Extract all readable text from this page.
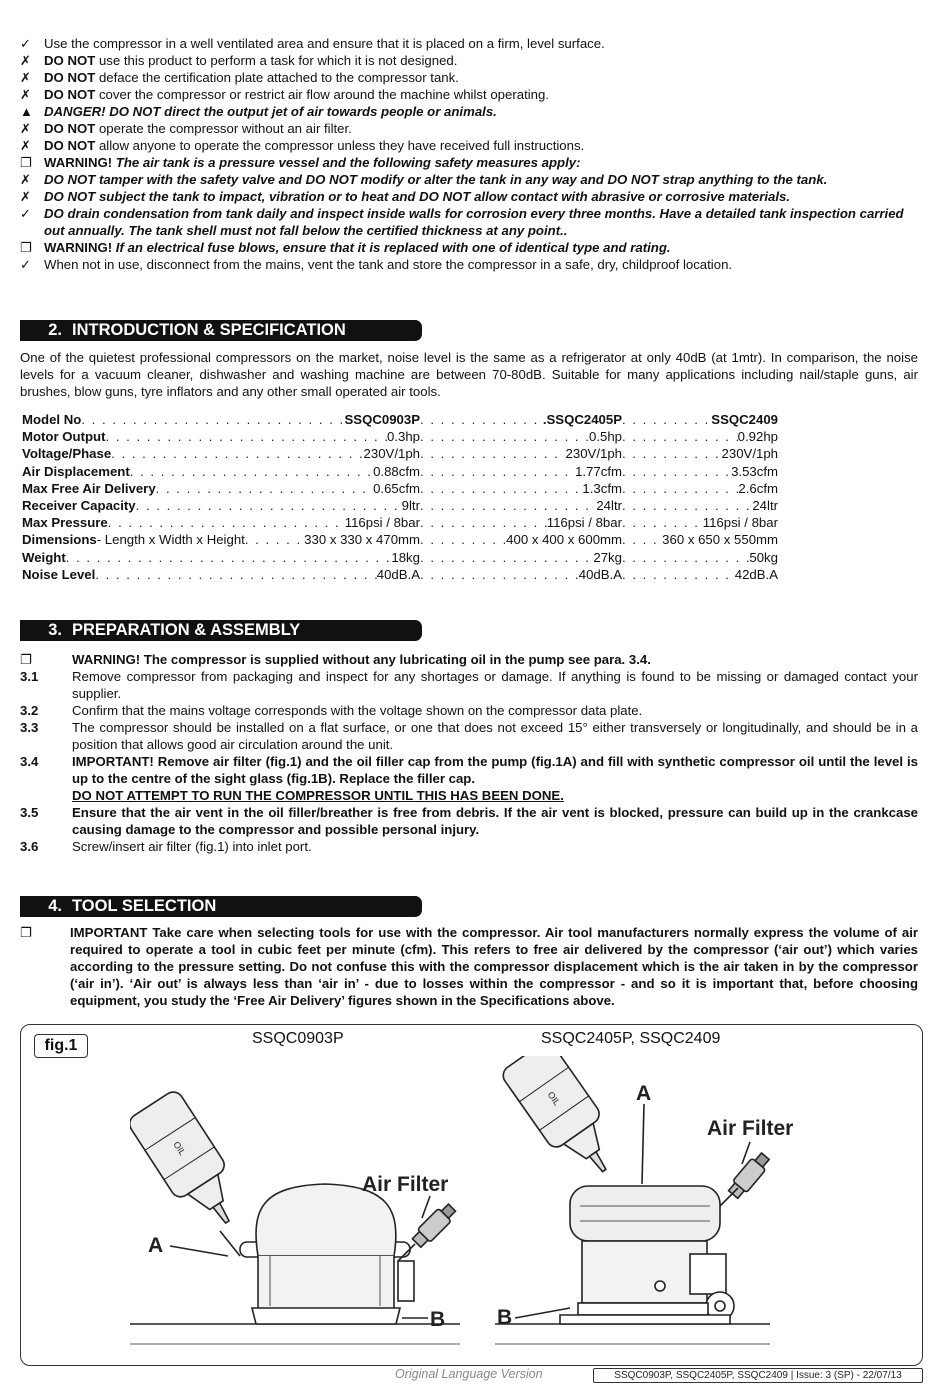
✓ Use the compressor in a well ventilated area and ensure that it is placed on a firm, level surface.
✗ DO NOT use this product to perform a task for which it is not designed.
✗ DO NOT deface the certification plate attached to the compressor tank.
✗ DO NOT cover the compressor or restrict air flow around the machine whilst operating.
▲ DANGER! DO NOT direct the output jet of air towards people or animals.
✗ DO NOT operate the compressor without an air filter.
✗ DO NOT allow anyone to operate the compressor unless they have received full instructions.
❐ WARNING! The air tank is a pressure vessel and the following safety measures apply:
✗ DO NOT tamper with the safety valve and DO NOT modify or alter the tank in any way and DO NOT strap anything to the tank.
✗ DO NOT subject the tank to impact, vibration or to heat and DO NOT allow contact with abrasive or corrosive materials.
✓ DO drain condensation from tank daily and inspect inside walls for corrosion every three months. Have a detailed tank inspection carried out annually. The tank shell must not fall below the certified thickness at any point..
❐ WARNING! If an electrical fuse blows, ensure that it is replaced with one of identical type and rating.
✓ When not in use, disconnect from the mains, vent the tank and store the compressor in a safe, dry, childproof location.
2. INTRODUCTION & SPECIFICATION
One of the quietest professional compressors on the market, noise level is the same as a refrigerator at only 40dB (at 1mtr). In comparison, the noise levels for a vacuum cleaner, dishwasher and washing machine are between 70-80dB. Suitable for many applications including nail/staple guns, air brushes, blow guns, tyre inflators and any other small operated air tools.
Model No . . .	SSQC0903P . . .	.SSQC2405P . . .	SSQC2409
Motor Output . . .	0.3hp . . .	0.5hp . . .	0.92hp
Voltage/Phase . . .	230V/1ph . . .	230V/1ph . . .	230V/1ph
Air Displacement . . .	0.88cfm . . .	1.77cfm . . .	3.53cfm
Max Free Air Delivery . . .	0.65cfm . . .	1.3cfm . . .	2.6cfm
Receiver Capacity . . .	9ltr . . .	24ltr . . .	24ltr
Max Pressure . . .	116psi / 8bar . . .	116psi / 8bar . . .	116psi / 8bar
Dimensions - Length x Width x Height . . .	330 x 330 x 470mm . . .	400 x 400 x 600mm . . .	360 x 650 x 550mm
Weight . . .	18kg . . .	27kg . . .	50kg
Noise Level . . .	40dB.A . . .	40dB.A . . .	42dB.A
3. PREPARATION & ASSEMBLY
❐	WARNING! The compressor is supplied without any lubricating oil in the pump see para. 3.4.
3.1	Remove compressor from packaging and inspect for any shortages or damage. If anything is found to be missing or damaged contact your supplier.
3.2	Confirm that the mains voltage corresponds with the voltage shown on the compressor data plate.
3.3	The compressor should be installed on a flat surface, or one that does not exceed 15° either transversely or longitudinally, and should be in a position that allows good air circulation around the unit.
3.4	IMPORTANT! Remove air filter (fig.1) and the oil filler cap from the pump (fig.1A) and fill with synthetic compressor oil until the level is up to the centre of the sight glass (fig.1B). Replace the filler cap.
DO NOT ATTEMPT TO RUN THE COMPRESSOR UNTIL THIS HAS BEEN DONE.
3.5	Ensure that the air vent in the oil filler/breather is free from debris. If the air vent is blocked, pressure can build up in the crankcase causing damage to the compressor and possible personal injury.
3.6	Screw/insert air filter (fig.1) into inlet port.
4. TOOL SELECTION
❐	IMPORTANT Take care when selecting tools for use with the compressor. Air tool manufacturers normally express the volume of air required to operate a tool in cubic feet per minute (cfm). This refers to free air delivered by the compressor (‘air out’) which varies according to the pressure setting. Do not confuse this with the compressor displacement which is the air taken in by the compressor (‘air in’). ‘Air out’ is always less than ‘air in’ - due to losses within the compressor - and so it is important that, before choosing equipment, you study the ‘Free Air Delivery’ figures shown in the Specifications above.
fig.1	SSQC0903P	SSQC2405P, SSQC2409
OIL
Air Filter
A
B
OIL
Air Filter
A
B
Original Language Version	SSQC0903P, SSQC2405P, SSQC2409 | Issue: 3 (SP) - 22/07/13
